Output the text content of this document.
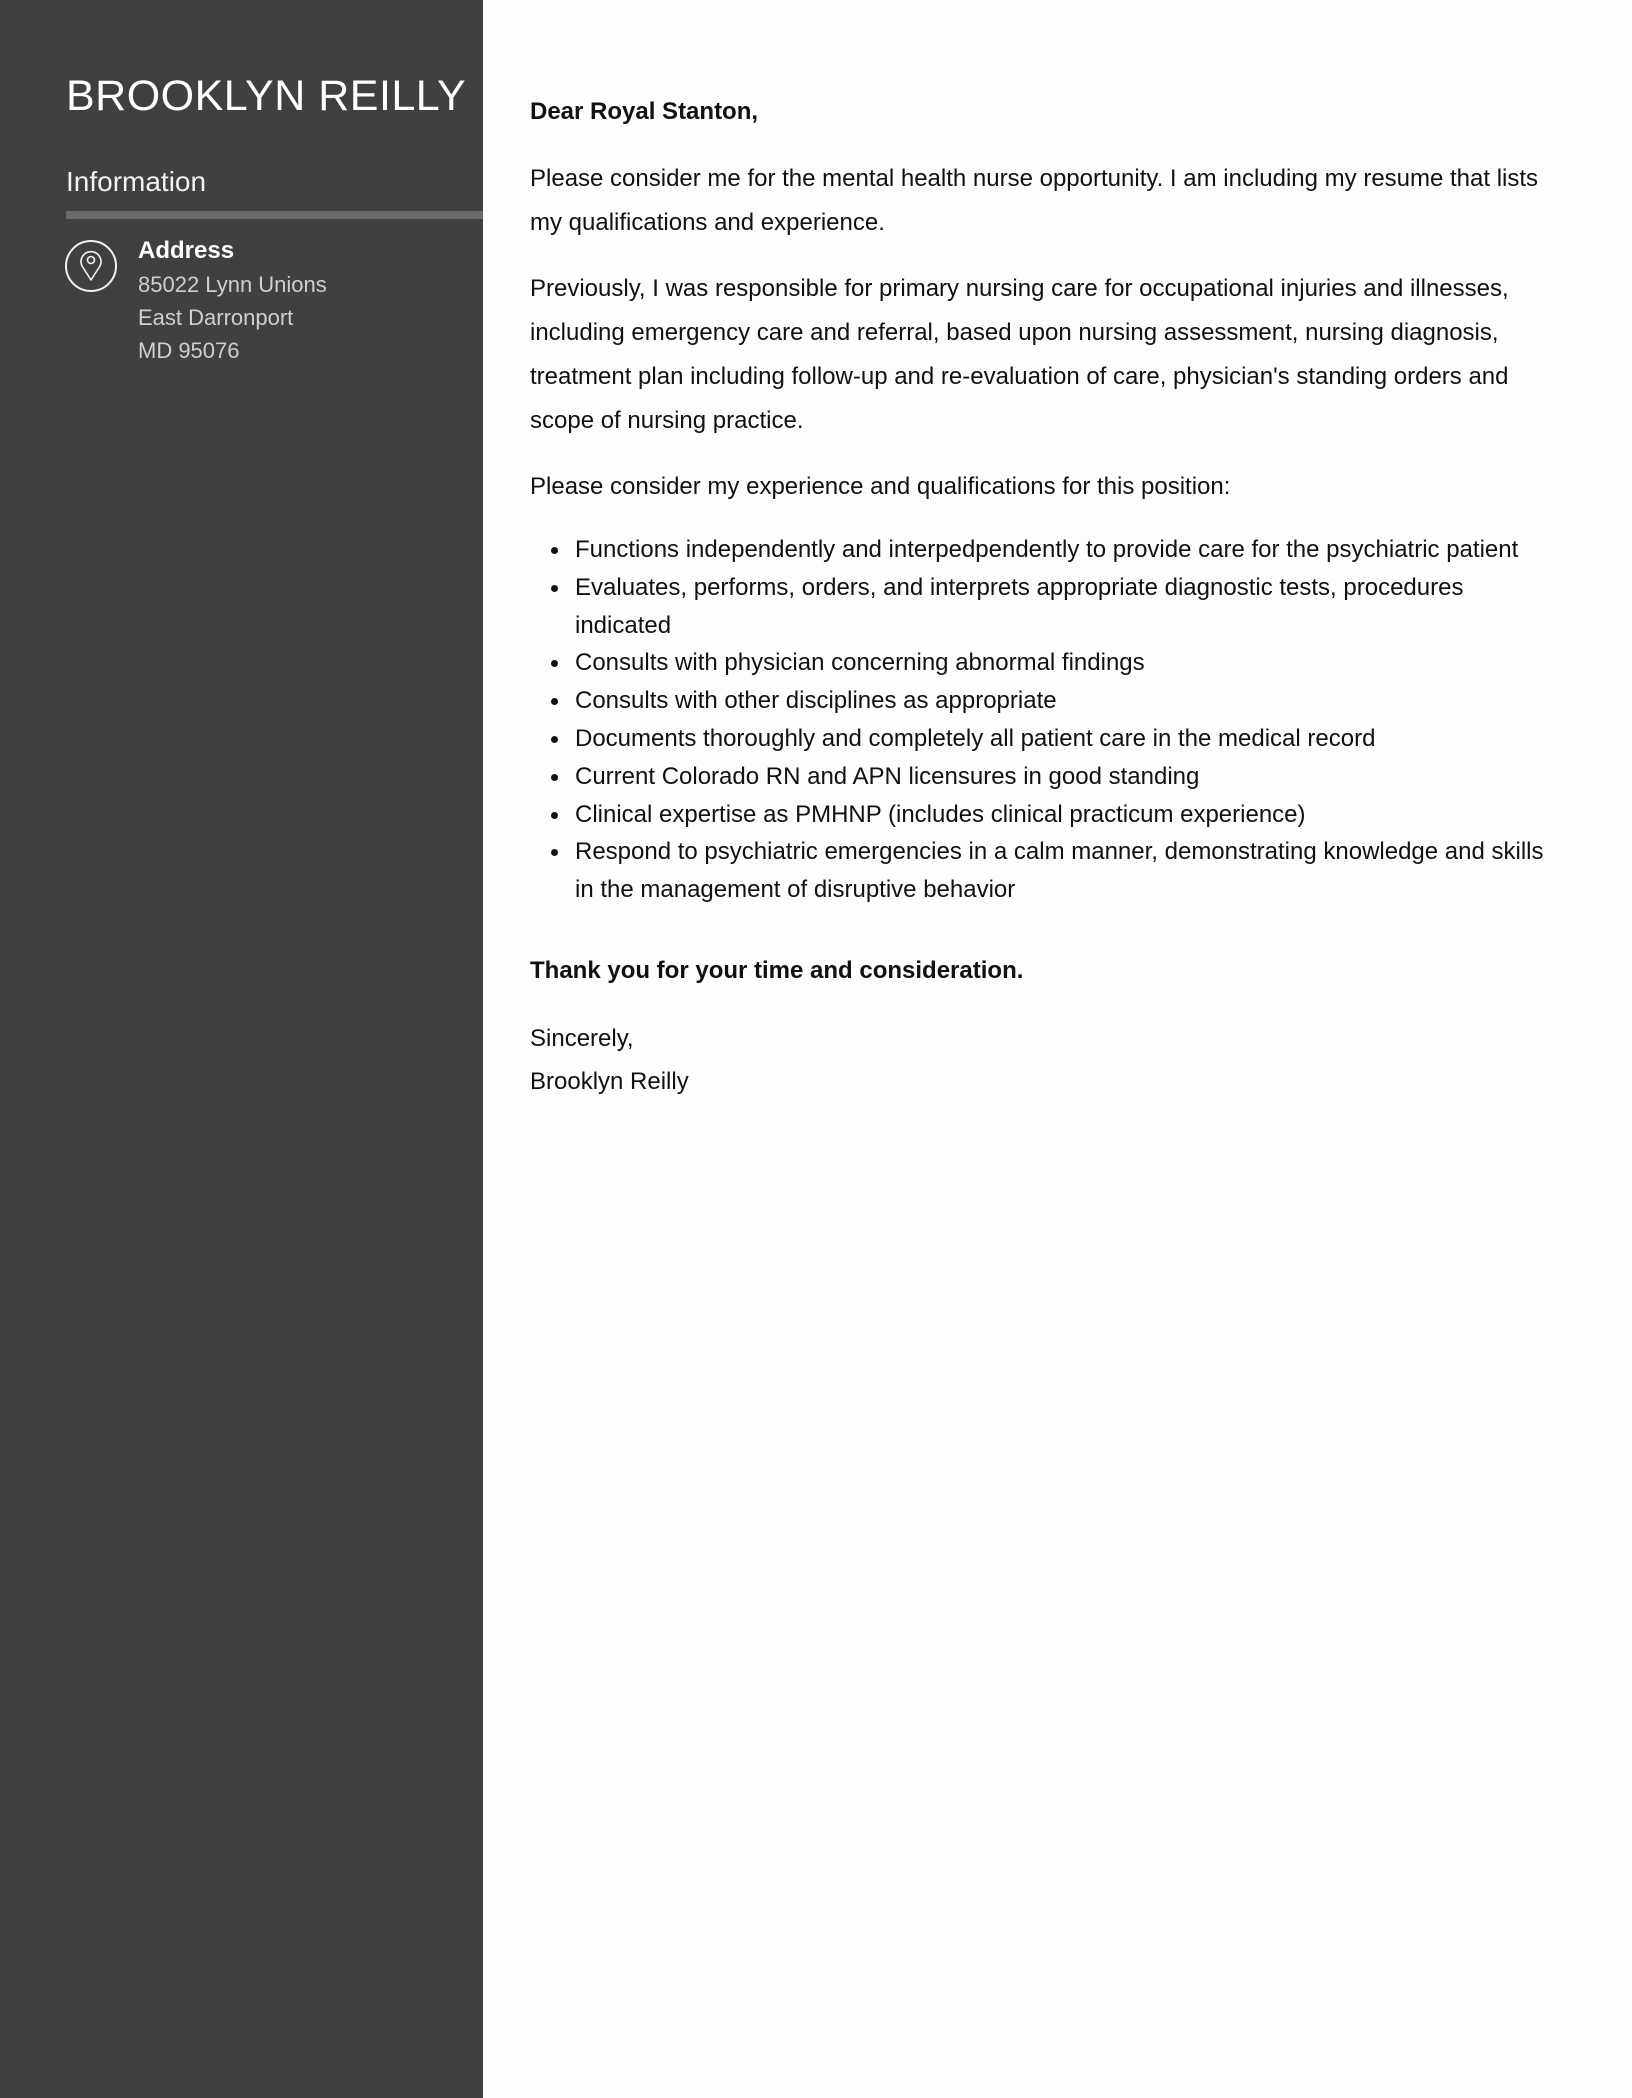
BROOKLYN REILLY
Information
Address
85022 Lynn Unions
East Darronport
MD 95076
Dear Royal Stanton,
Please consider me for the mental health nurse opportunity. I am including my resume that lists my qualifications and experience.
Previously, I was responsible for primary nursing care for occupational injuries and illnesses, including emergency care and referral, based upon nursing assessment, nursing diagnosis, treatment plan including follow-up and re-evaluation of care, physician's standing orders and scope of nursing practice.
Please consider my experience and qualifications for this position:
Functions independently and interpedpendently to provide care for the psychiatric patient
Evaluates, performs, orders, and interprets appropriate diagnostic tests, procedures indicated
Consults with physician concerning abnormal findings
Consults with other disciplines as appropriate
Documents thoroughly and completely all patient care in the medical record
Current Colorado RN and APN licensures in good standing
Clinical expertise as PMHNP (includes clinical practicum experience)
Respond to psychiatric emergencies in a calm manner, demonstrating knowledge and skills in the management of disruptive behavior
Thank you for your time and consideration.
Sincerely,
Brooklyn Reilly
